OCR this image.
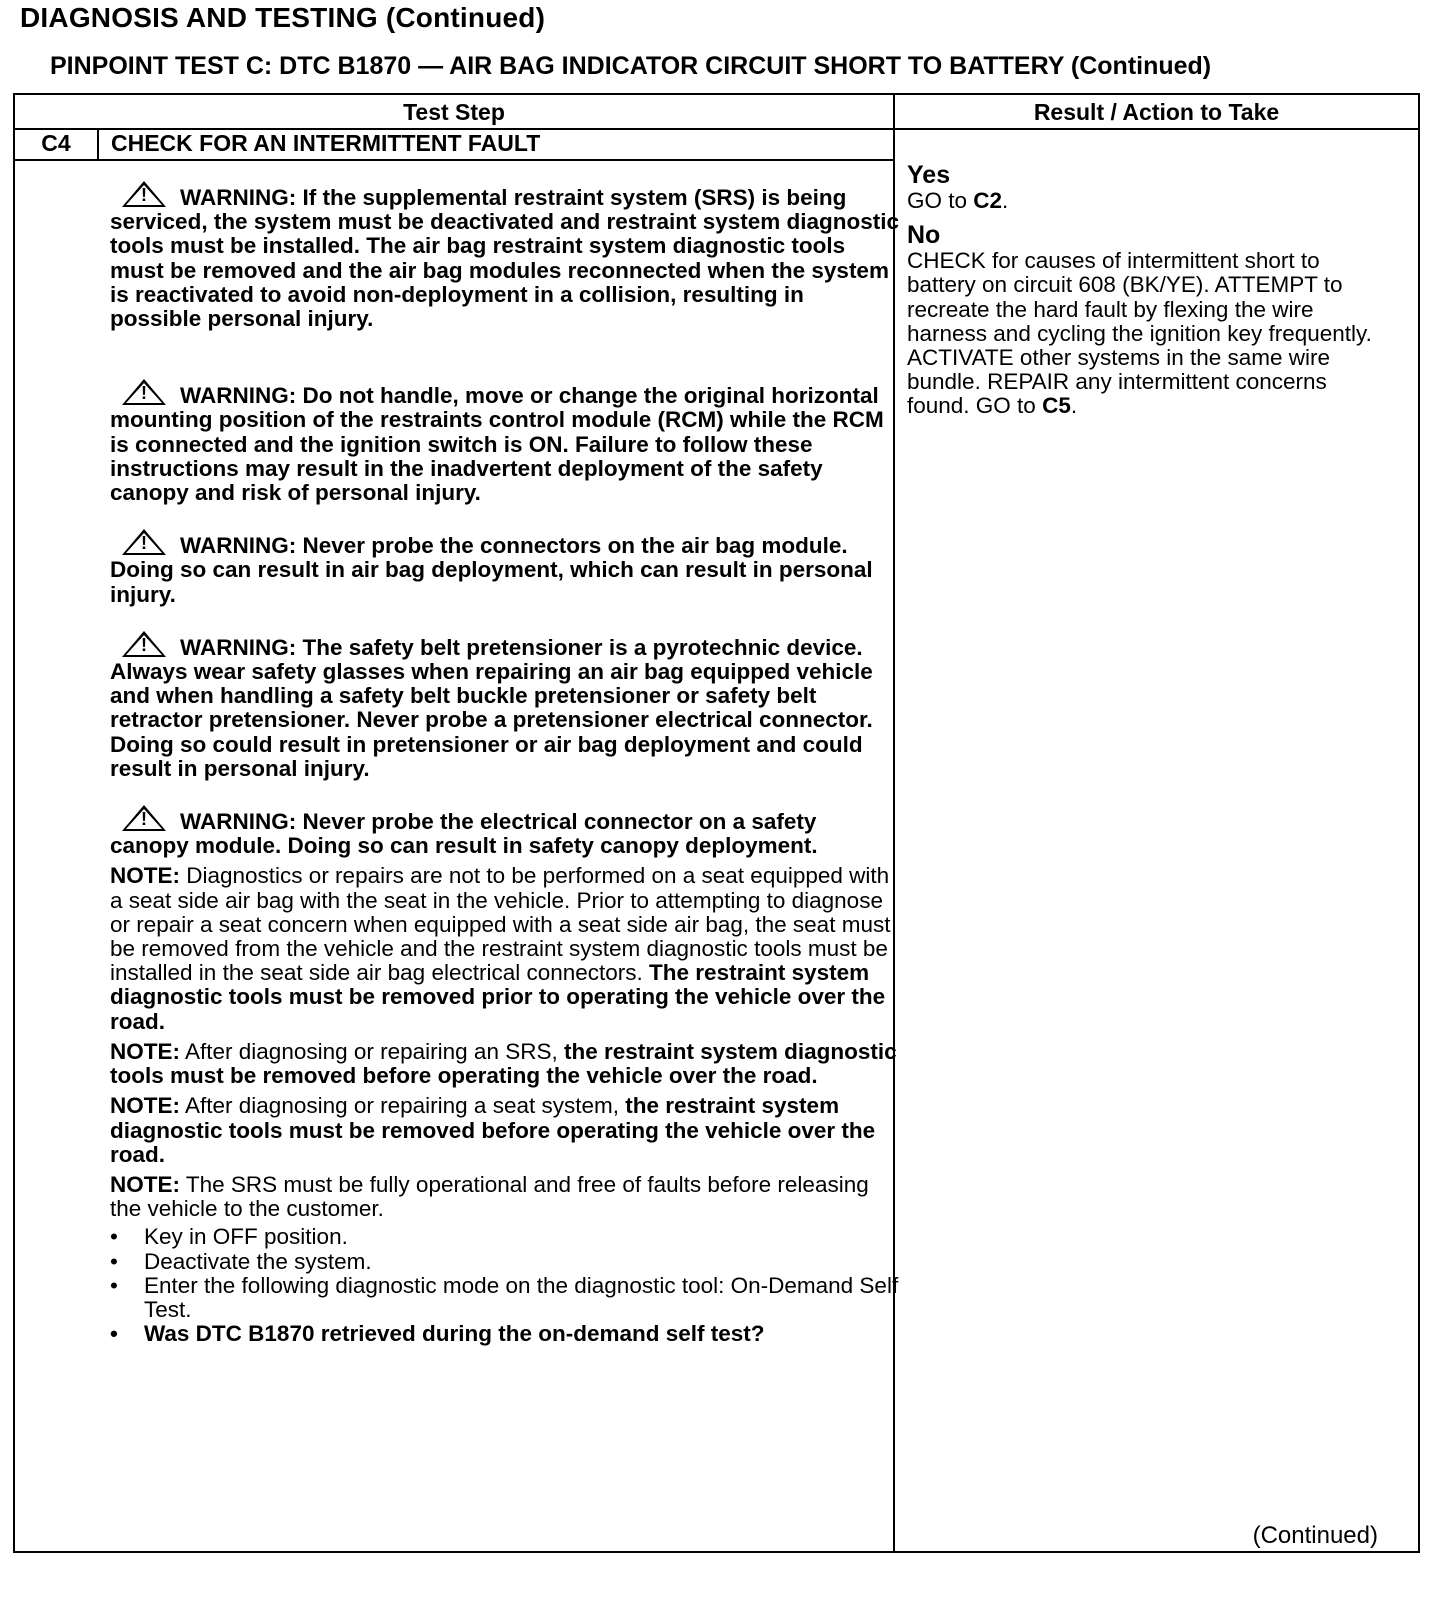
DIAGNOSIS AND TESTING (Continued)
PINPOINT TEST C: DTC B1870 — AIR BAG INDICATOR CIRCUIT SHORT TO BATTERY (Continued)
Test Step	Result / Action to Take
C4	CHECK FOR AN INTERMITTENT FAULT

!WARNING: If the supplemental restraint system (SRS) is being serviced, the system must be deactivated and restraint system diagnostic tools must be installed. The air bag restraint system diagnostic tools must be removed and the air bag modules reconnected when the system is reactivated to avoid non-deployment in a collision, resulting in possible personal injury.

!WARNING: Do not handle, move or change the original horizontal mounting position of the restraints control module (RCM) while the RCM is connected and the ignition switch is ON. Failure to follow these instructions may result in the inadvertent deployment of the safety canopy and risk of personal injury.

!WARNING: Never probe the connectors on the air bag module. Doing so can result in air bag deployment, which can result in personal injury.

!WARNING: The safety belt pretensioner is a pyrotechnic device. Always wear safety glasses when repairing an air bag equipped vehicle and when handling a safety belt buckle pretensioner or safety belt retractor pretensioner. Never probe a pretensioner electrical connector. Doing so could result in pretensioner or air bag deployment and could result in personal injury.

!WARNING: Never probe the electrical connector on a safety canopy module. Doing so can result in safety canopy deployment.

NOTE: Diagnostics or repairs are not to be performed on a seat equipped with a seat side air bag with the seat in the vehicle. Prior to attempting to diagnose or repair a seat concern when equipped with a seat side air bag, the seat must be removed from the vehicle and the restraint system diagnostic tools must be installed in the seat side air bag electrical connectors. The restraint system diagnostic tools must be removed prior to operating the vehicle over the road.

NOTE: After diagnosing or repairing an SRS, the restraint system diagnostic tools must be removed before operating the vehicle over the road.

NOTE: After diagnosing or repairing a seat system, the restraint system diagnostic tools must be removed before operating the vehicle over the road.

NOTE: The SRS must be fully operational and free of faults before releasing the vehicle to the customer.

• Key in OFF position.
• Deactivate the system.
• Enter the following diagnostic mode on the diagnostic tool: On-Demand Self Test.
• Was DTC B1870 retrieved during the on-demand self test?
Yes
GO to C2.
No
CHECK for causes of intermittent short to battery on circuit 608 (BK/YE). ATTEMPT to recreate the hard fault by flexing the wire harness and cycling the ignition key frequently. ACTIVATE other systems in the same wire bundle. REPAIR any intermittent concerns found. GO to C5.

(Continued)
